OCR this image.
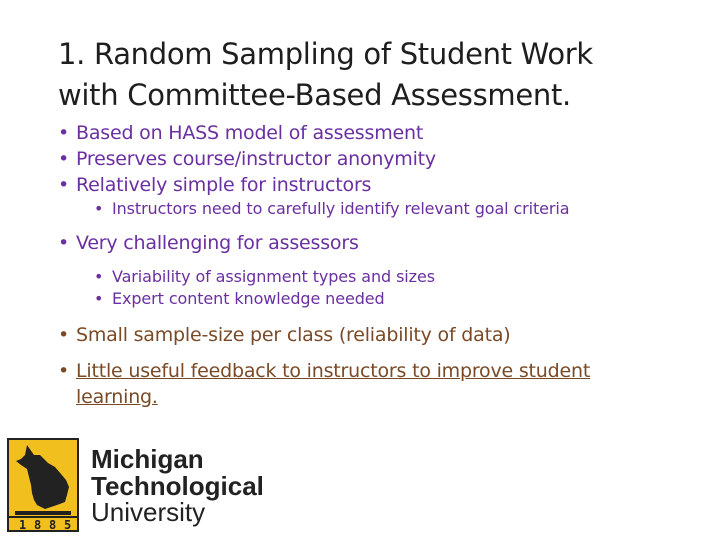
1. Random Sampling of Student Work
with Committee-Based Assessment.
• Based on HASS model of assessment
• Preserves course/instructor anonymity
• Relatively simple for instructors
• Instructors need to carefully identify relevant goal criteria
• Very challenging for assessors
• Variability of assignment types and sizes
• Expert content knowledge needed
• Small sample-size per class (reliability of data)
• Little useful feedback to instructors to improve student learning.
1 8 8 5
Michigan
Technological
University
